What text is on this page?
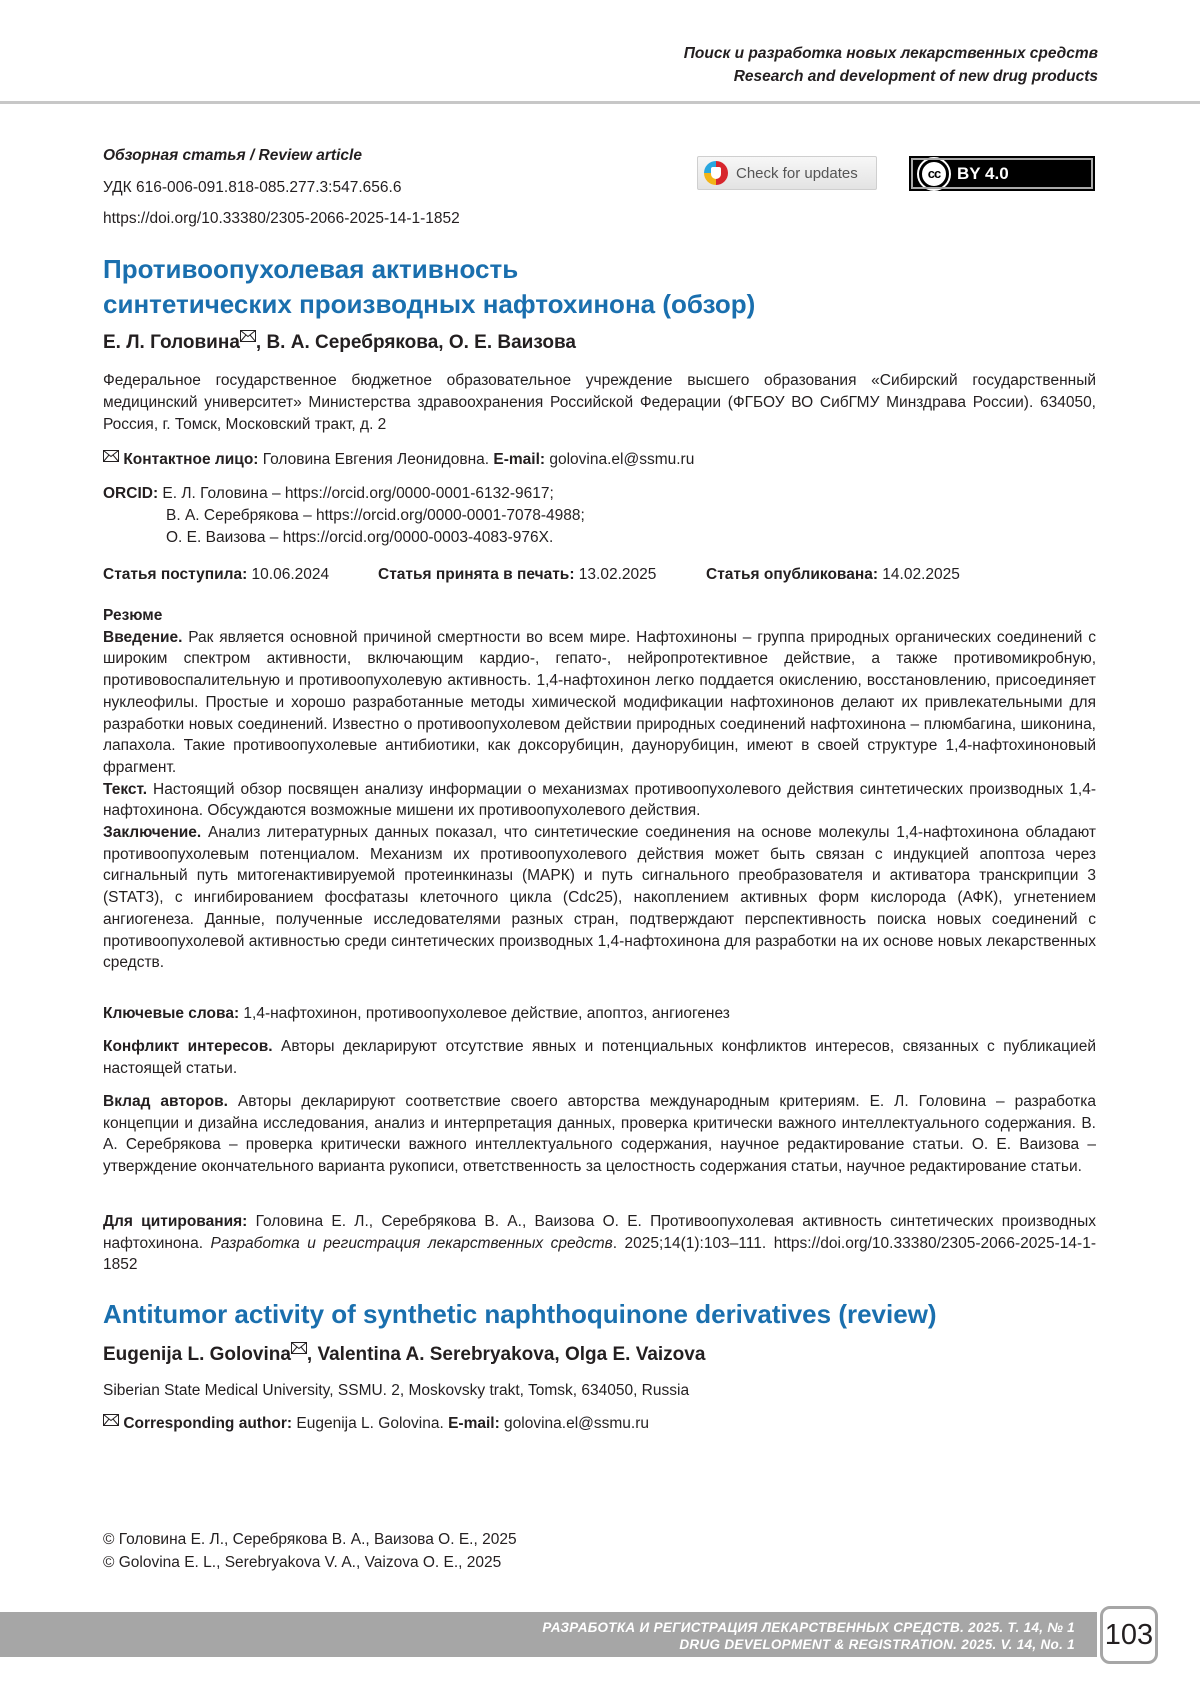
Поиск и разработка новых лекарственных средств
Research and development of new drug products
Обзорная статья / Review article
УДК 616-006-091.818-085.277.3:547.656.6
https://doi.org/10.33380/2305-2066-2025-14-1-1852
Check for updates	cc BY 4.0
Противоопухолевая активность
синтетических производных нафтохинона (обзор)
Е. Л. Головина , В. А. Серебрякова, О. Е. Ваизова
Федеральное государственное бюджетное образовательное учреждение высшего образования «Сибирский государственный медицинский университет» Министерства здравоохранения Российской Федерации (ФГБОУ ВО СибГМУ Минздрава России). 634050, Россия, г. Томск, Московский тракт, д. 2
Контактное лицо: Головина Евгения Леонидовна. E-mail: golovina.el@ssmu.ru
ORCID: Е. Л. Головина – https://orcid.org/0000-0001-6132-9617;
В. А. Серебрякова – https://orcid.org/0000-0001-7078-4988;
О. Е. Ваизова – https://orcid.org/0000-0003-4083-976X.
Статья поступила: 10.06.2024	Статья принята в печать: 13.02.2025	Статья опубликована: 14.02.2025
Резюме
Введение. Рак является основной причиной смертности во всем мире. Нафтохиноны – группа природных органических соединений с широким спектром активности, включающим кардио-, гепато-, нейропротективное действие, а также противомикробную, противовоспалительную и противоопухолевую активность. 1,4-нафтохинон легко поддается окислению, восстановлению, присоединяет нуклеофилы. Простые и хорошо разработанные методы химической модификации нафтохинонов делают их привлекательными для разработки новых соединений. Известно о противоопухолевом действии природных соединений нафтохинона – плюмбагина, шиконина, лапахола. Такие противоопухолевые антибиотики, как доксорубицин, даунорубицин, имеют в своей структуре 1,4-нафтохиноновый фрагмент.
Текст. Настоящий обзор посвящен анализу информации о механизмах противоопухолевого действия синтетических производных 1,4-нафтохинона. Обсуждаются возможные мишени их противоопухолевого действия.
Заключение. Анализ литературных данных показал, что синтетические соединения на основе молекулы 1,4-нафтохинона обладают противоопухолевым потенциалом. Механизм их противоопухолевого действия может быть связан с индукцией апоптоза через сигнальный путь митогенактивируемой протеинкиназы (МАРК) и путь сигнального преобразователя и активатора транскрипции 3 (STAT3), с ингибированием фосфатазы клеточного цикла (Cdc25), накоплением активных форм кислорода (АФК), угнетением ангиогенеза. Данные, полученные исследователями разных стран, подтверждают перспективность поиска новых соединений с противоопухолевой активностью среди синтетических производных 1,4-нафтохинона для разработки на их основе новых лекарственных средств.
Ключевые слова: 1,4-нафтохинон, противоопухолевое действие, апоптоз, ангиогенез
Конфликт интересов. Авторы декларируют отсутствие явных и потенциальных конфликтов интересов, связанных с публикацией настоящей статьи.
Вклад авторов. Авторы декларируют соответствие своего авторства международным критериям. Е. Л. Головина – разработка концепции и дизайна исследования, анализ и интерпретация данных, проверка критически важного интеллектуального содержания. В. А. Серебрякова – проверка критически важного интеллектуального содержания, научное редактирование статьи. О. Е. Ваизова – утверждение окончательного варианта рукописи, ответственность за целостность содержания статьи, научное редактирование статьи.
Для цитирования: Головина Е. Л., Серебрякова В. А., Ваизова О. Е. Противоопухолевая активность синтетических производных нафтохинона. Разработка и регистрация лекарственных средств. 2025;14(1):103–111. https://doi.org/10.33380/2305-2066-2025-14-1-1852
Antitumor activity of synthetic naphthoquinone derivatives (review)
Eugenija L. Golovina , Valentina A. Serebryakova, Olga E. Vaizova
Siberian State Medical University, SSMU. 2, Moskovsky trakt, Tomsk, 634050, Russia
Corresponding author: Eugenija L. Golovina. E-mail: golovina.el@ssmu.ru
© Головина Е. Л., Серебрякова В. А., Ваизова О. Е., 2025
© Golovina E. L., Serebryakova V. A., Vaizova O. E., 2025
РАЗРАБОТКА И РЕГИСТРАЦИЯ ЛЕКАРСТВЕННЫХ СРЕДСТВ. 2025. Т. 14, № 1
DRUG DEVELOPMENT & REGISTRATION. 2025. V. 14, No. 1 103
